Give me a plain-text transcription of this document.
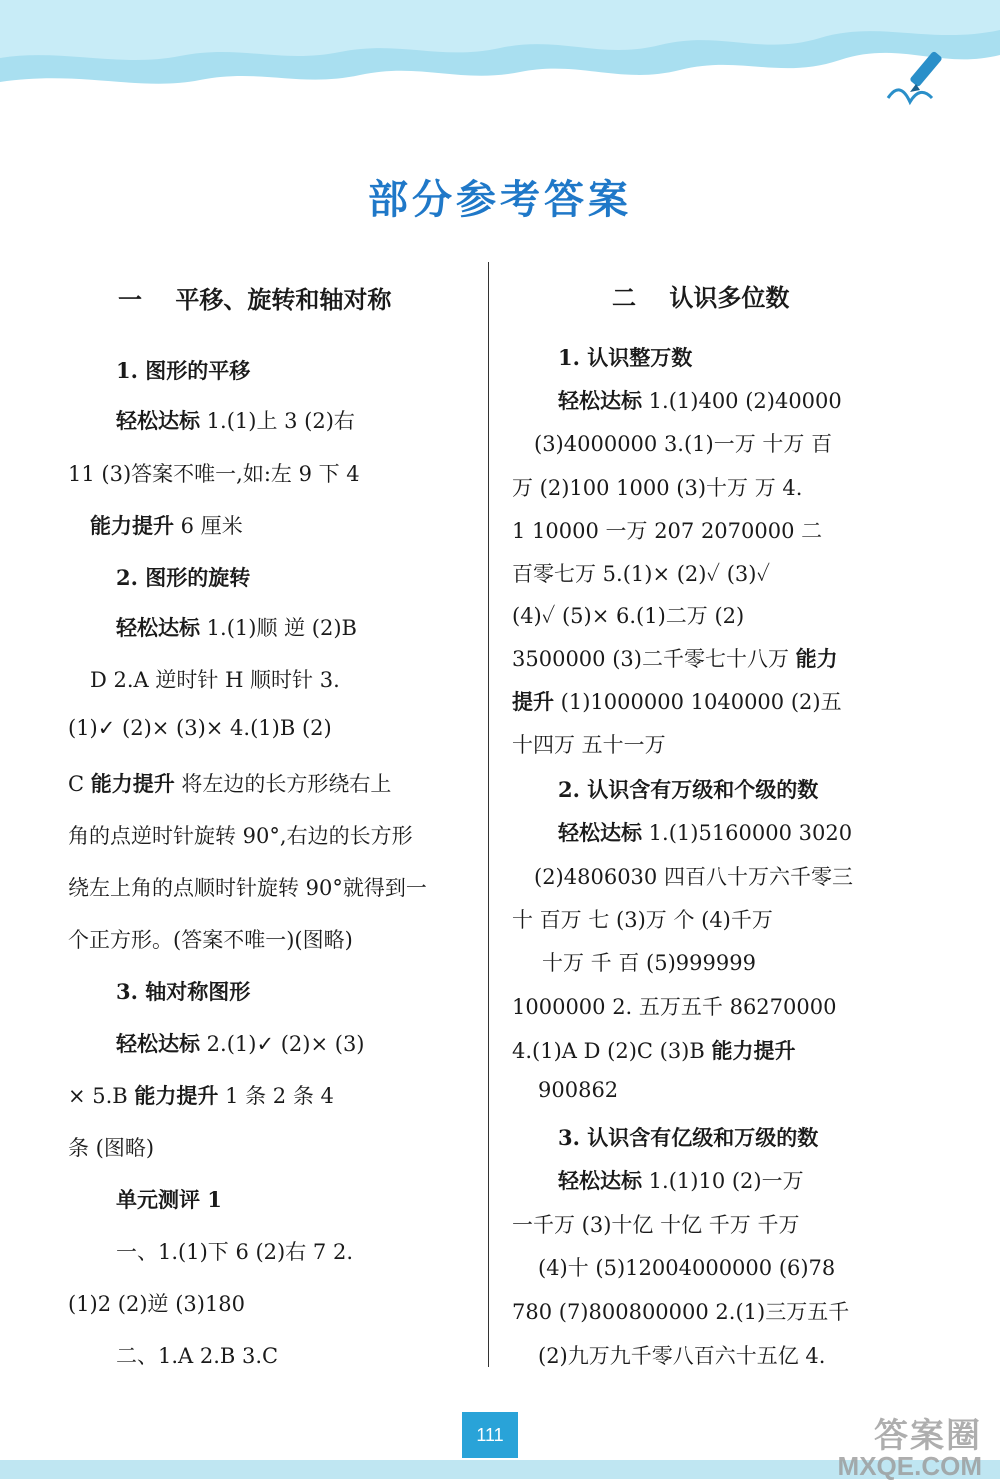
部分参考答案
一    平移、旋转和轴对称
1. 图形的平移
轻松达标 1.(1)上 3 (2)右
11 (3)答案不唯一,如:左 9 下 4
能力提升 6 厘米
2. 图形的旋转
轻松达标 1.(1)顺 逆 (2)B
D 2.A 逆时针 H 顺时针 3.
(1)✓ (2)× (3)× 4.(1)B (2)
C 能力提升 将左边的长方形绕右上
角的点逆时针旋转 90°,右边的长方形
绕左上角的点顺时针旋转 90°就得到一
个正方形。(答案不唯一)(图略)
3. 轴对称图形
轻松达标 2.(1)✓ (2)× (3)
× 5.B 能力提升 1 条 2 条 4
条 (图略)
单元测评 1
一、1.(1)下 6 (2)右 7 2.
(1)2 (2)逆 (3)180
二、1.A 2.B 3.C
二    认识多位数
1. 认识整万数
轻松达标 1.(1)400 (2)40000
(3)4000000 3.(1)一万 十万 百
万 (2)100 1000 (3)十万 万 4.
1 10000 一万 207 2070000 二
百零七万 5.(1)× (2)✓ (3)✓
(4)✓ (5)× 6.(1)二万 (2)
3500000 (3)二千零七十八万 能力
提升 (1)1000000 1040000 (2)五
十四万 五十一万
2. 认识含有万级和个级的数
轻松达标 1.(1)5160000 3020
(2)4806030 四百八十万六千零三
十 百万 七 (3)万 个 (4)千万
十万 千 百 (5)999999
1000000 2. 五万五千 86270000
4.(1)A D (2)C (3)B 能力提升
900862
3. 认识含有亿级和万级的数
轻松达标 1.(1)10 (2)一万
一千万 (3)十亿 十亿 千万 千万
(4)十 (5)12004000000 (6)78
780 (7)800800000 2.(1)三万五千
(2)九万九千零八百六十五亿 4.
111	答案圈
MXQE.COM
